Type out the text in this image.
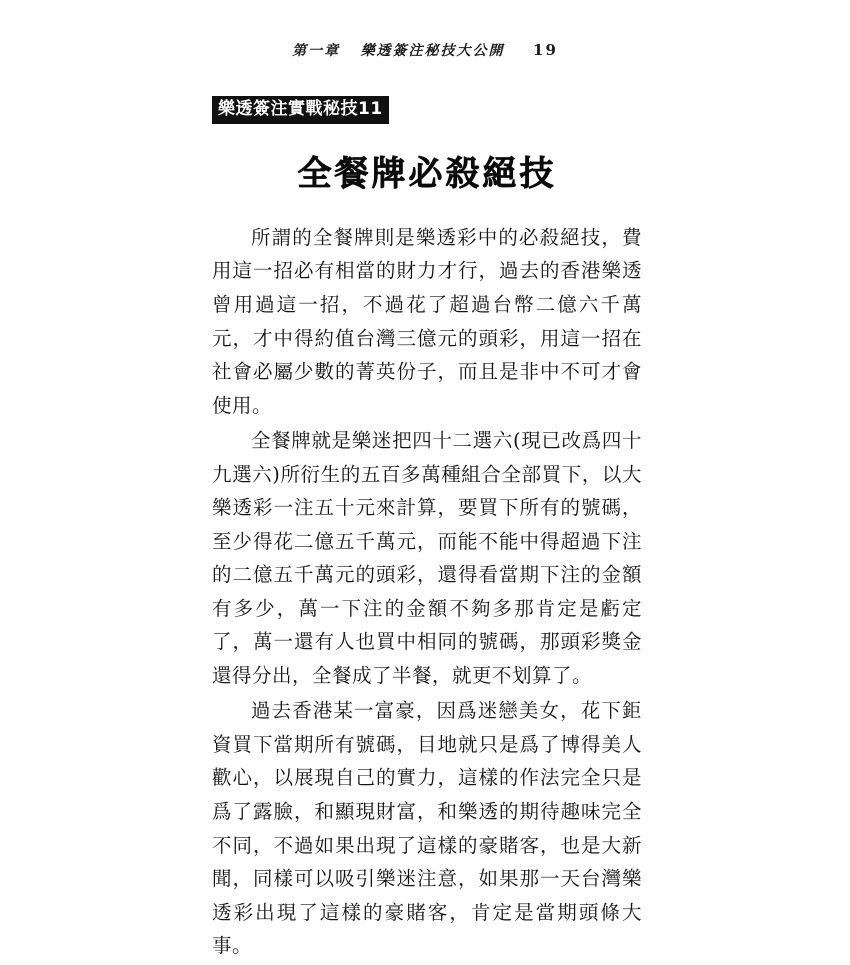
第一章 樂透簽注秘技大公開 19
樂透簽注實戰秘技11
全餐牌必殺絕技

所謂的全餐牌則是樂透彩中的必殺絕技，費用這一招必有相當的財力才行，過去的香港樂透曾用過這一招，不過花了超過台幣二億六千萬元，才中得約值台灣三億元的頭彩，用這一招在社會必屬少數的菁英份子，而且是非中不可才會使用。

全餐牌就是樂迷把四十二選六(現已改爲四十九選六)所衍生的五百多萬種組合全部買下，以大樂透彩一注五十元來計算，要買下所有的號碼，至少得花二億五千萬元，而能不能中得超過下注的二億五千萬元的頭彩，還得看當期下注的金額有多少，萬一下注的金額不夠多那肯定是虧定了，萬一還有人也買中相同的號碼，那頭彩獎金還得分出，全餐成了半餐，就更不划算了。

過去香港某一富豪，因爲迷戀美女，花下鉅資買下當期所有號碼，目地就只是爲了博得美人歡心，以展現自己的實力，這樣的作法完全只是爲了露臉，和顯現財富，和樂透的期待趣味完全不同，不過如果出現了這樣的豪賭客，也是大新聞，同樣可以吸引樂迷注意，如果那一天台灣樂透彩出現了這樣的豪賭客，肯定是當期頭條大事。
